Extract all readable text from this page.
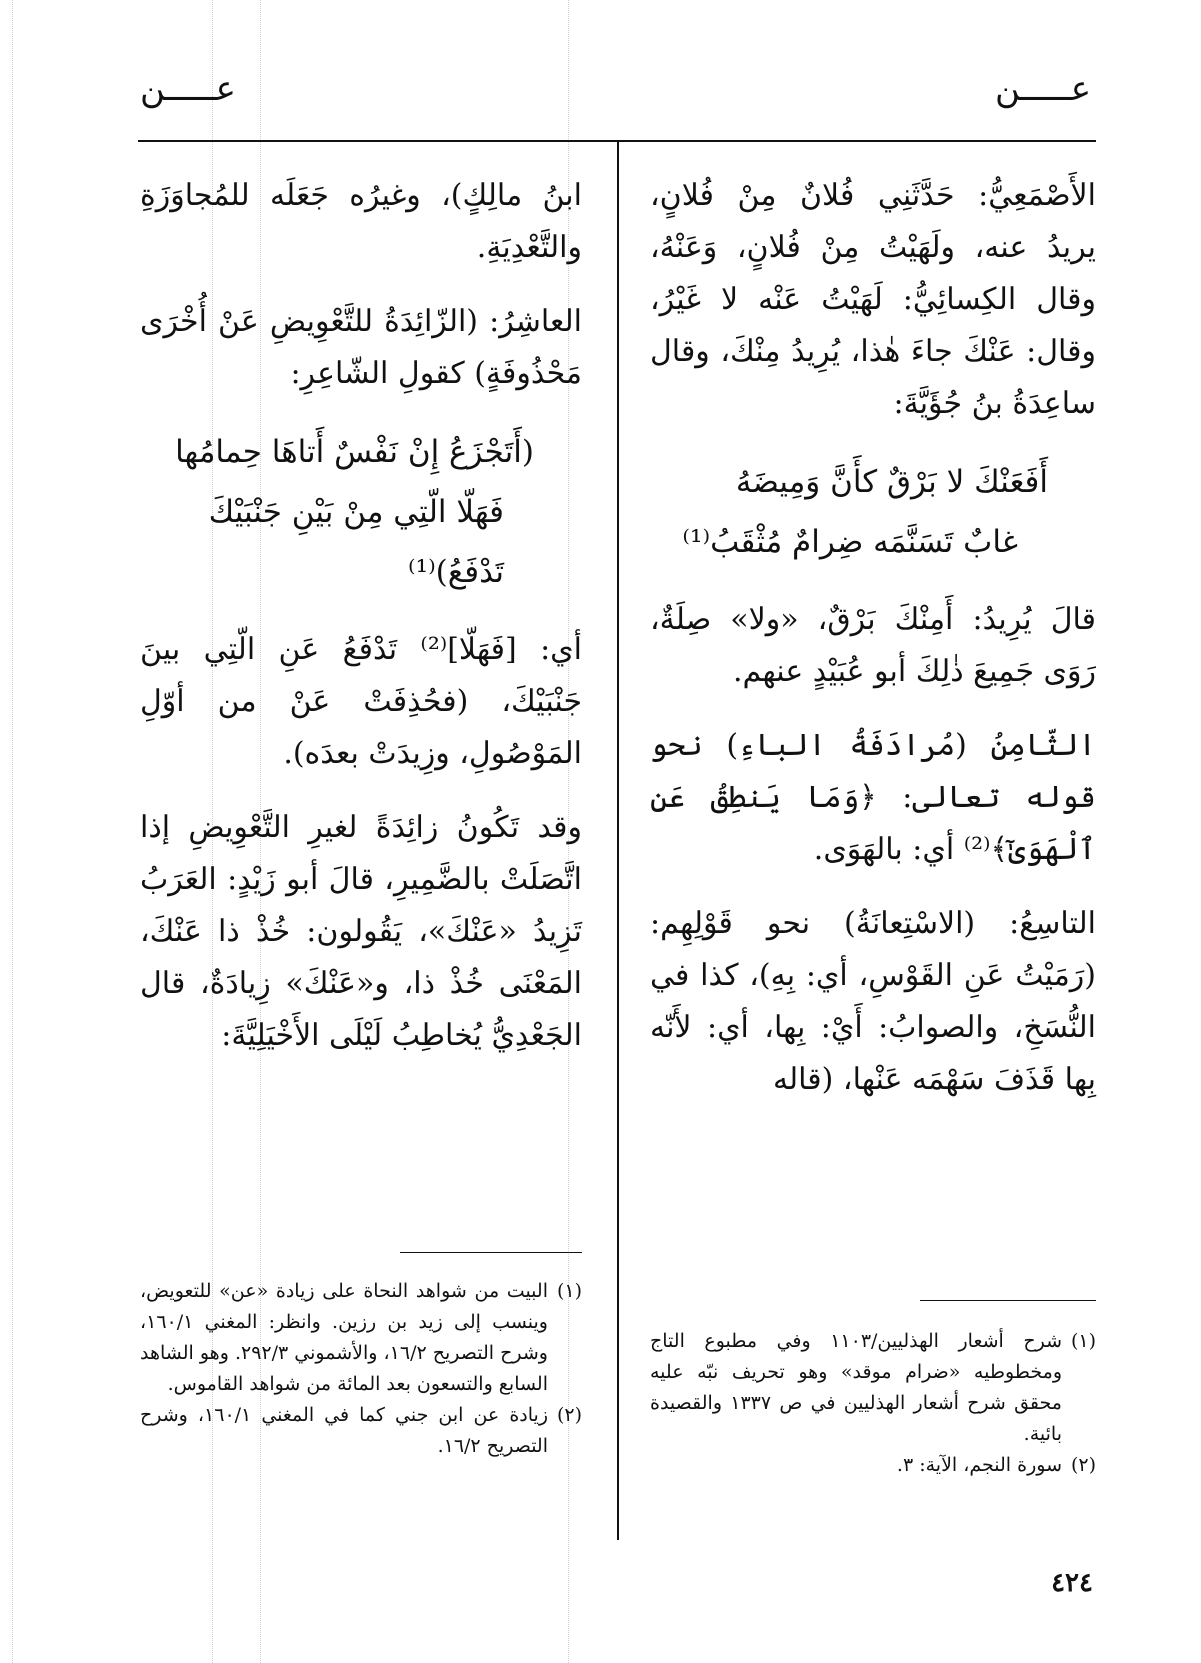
عـــــن	عـــــن

الأَصْمَعِيُّ: حَدَّثَنِي فُلانٌ مِنْ فُلانٍ، يريدُ عنه، ولَهَيْتُ مِنْ فُلانٍ، وَعَنْهُ، وقال الكِسائِيُّ: لَهَيْتُ عَنْه لا غَيْرُ، وقال: عَنْكَ جاءَ هٰذا، يُرِيدُ مِنْكَ، وقال ساعِدَةُ بنُ جُؤَيَّةَ:

أَفَعَنْكَ لا بَرْقٌ كأَنَّ وَمِيضَهُ
غابٌ تَسَنَّمَه ضِرامٌ مُثْقَبُ⁽¹⁾

قالَ يُرِيدُ: أَمِنْكَ بَرْقٌ، «ولا» صِلَةٌ، رَوَى جَمِيعَ ذٰلِكَ أبو عُبَيْدٍ عنهم.

الثّامِنُ (مُرادَفَةُ الباءِ) نحو قوله تعالى: ﴿وَمَا يَنطِقُ عَنِ ٱلْهَوَىٰٓ﴾⁽²⁾ أي: بالهَوَى.

التاسِعُ: (الاسْتِعانَةُ) نحو قَوْلِهِم: (رَمَيْتُ عَنِ القَوْسِ، أي: بِهِ)، كذا في النُّسَخِ، والصوابُ: أَيْ: بِها، أي: لأَنّه بِها قَذَفَ سَهْمَه عَنْها، (قاله

ابنُ مالِكٍ)، وغيرُه جَعَلَه للمُجاوَزَةِ والتَّعْدِيَةِ.

العاشِرُ: (الزّائِدَةُ للتَّعْوِيضِ عَنْ أُخْرَى مَحْذُوفَةٍ) كقولِ الشّاعِرِ:

(أَتَجْزَعُ إِنْ نَفْسٌ أَتاهَا حِمامُها
فَهَلّا الّتِي مِنْ بَيْنِ جَنْبَيْكَ تَدْفَعُ)⁽¹⁾

أي: [فَهَلّا]⁽²⁾ تَدْفَعُ عَنِ الّتِي بينَ جَنْبَيْكَ، (فحُذِفَتْ عَنْ من أوّلِ المَوْصُولِ، وزِيدَتْ بعدَه).

وقد تَكُونُ زائِدَةً لغيرِ التَّعْوِيضِ إذا اتَّصَلَتْ بالضَّمِيرِ، قالَ أبو زَيْدٍ: العَرَبُ تَزِيدُ «عَنْكَ»، يَقُولون: خُذْ ذا عَنْكَ، المَعْنَى خُذْ ذا، و«عَنْكَ» زِيادَةٌ، قال الجَعْدِيُّ يُخاطِبُ لَيْلَى الأَخْيَلِيَّةَ:

(١)
البيت من شواهد النحاة على زيادة «عن» للتعويض، وينسب إلى زيد بن رزين. وانظر: المغني ١٦٠/١، وشرح التصريح ١٦/٢، والأشموني ٢٩٢/٣. وهو الشاهد السابع والتسعون بعد المائة من شواهد القاموس.

(٢)
زيادة عن ابن جني كما في المغني ١٦٠/١، وشرح التصريح ١٦/٢.

(١)
شرح أشعار الهذليين/١١٠٣ وفي مطبوع التاج ومخطوطيه «ضرام موقد» وهو تحريف نبّه عليه محقق شرح أشعار الهذليين في ص ١٣٣٧ والقصيدة بائية.

(٢)
سورة النجم، الآية: ٣.

٤٢٤
